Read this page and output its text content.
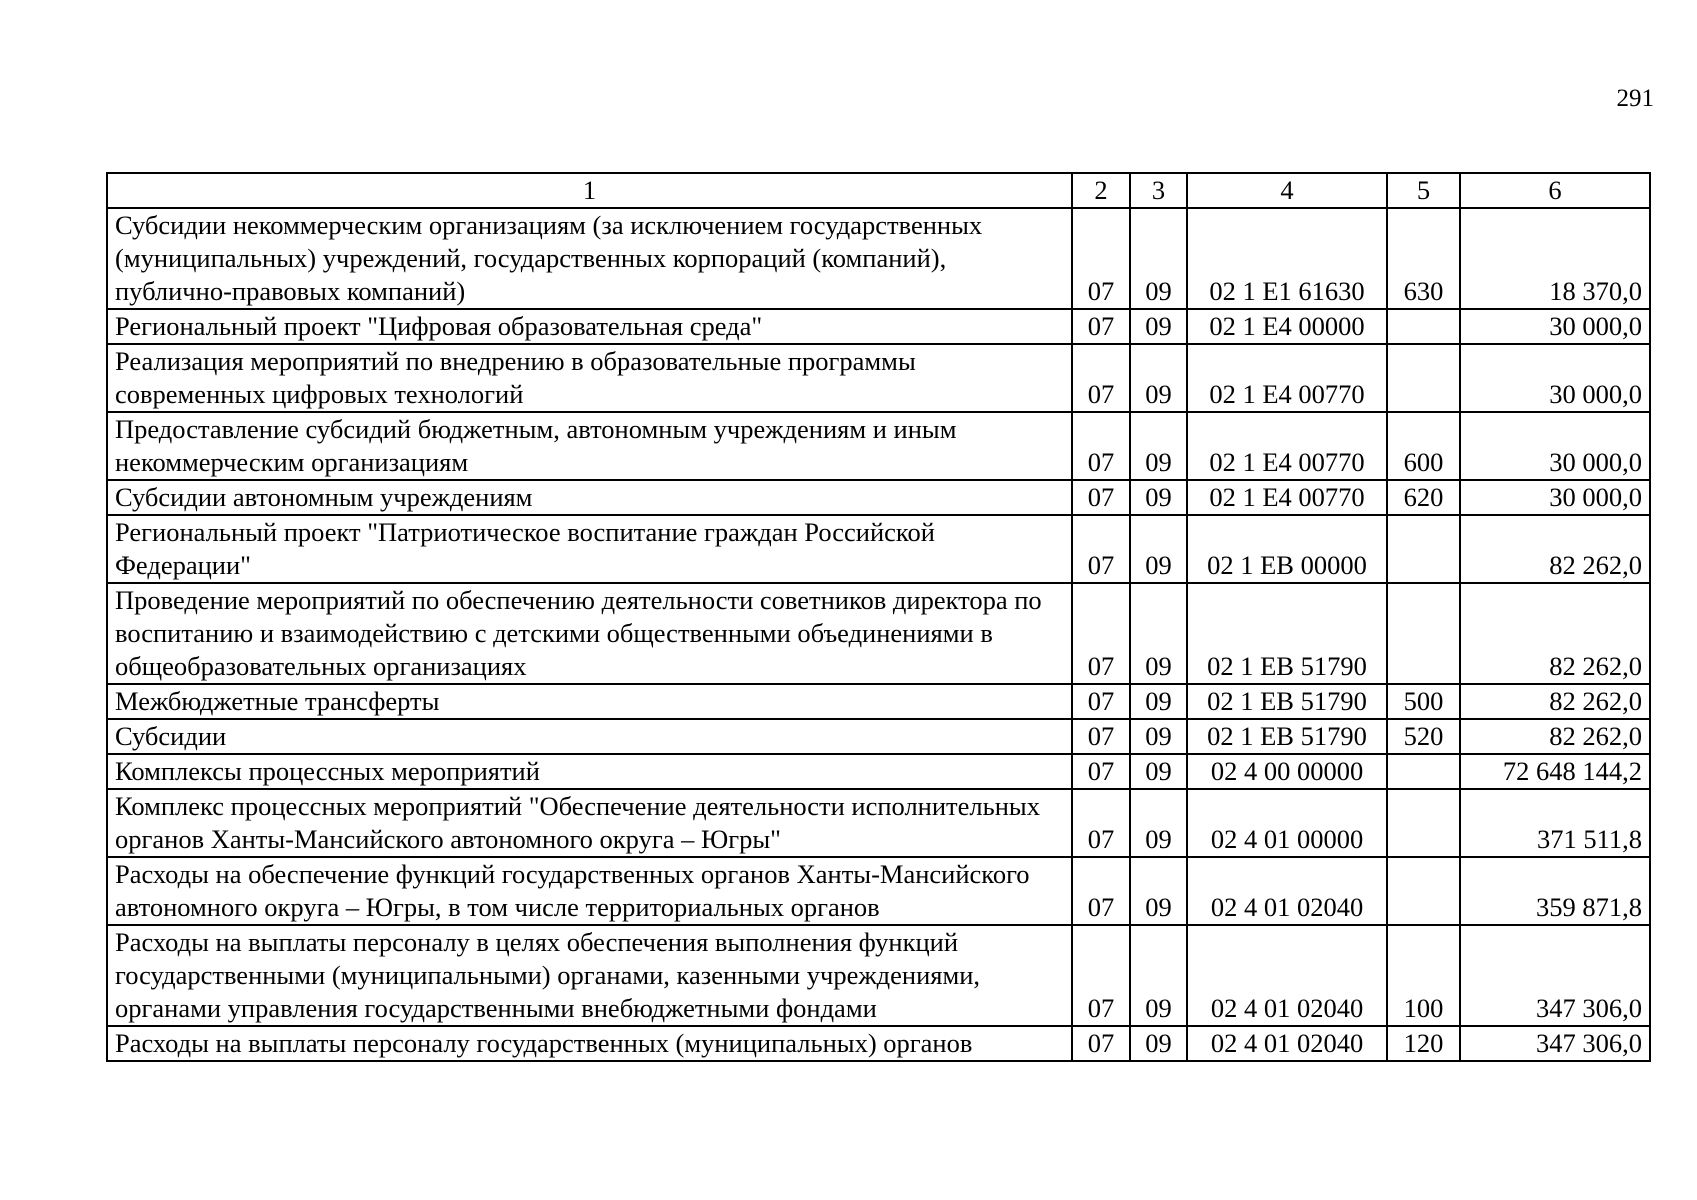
291
1	2	3	4	5	6
Субсидии некоммерческим организациям (за исключением государственных (муниципальных) учреждений, государственных корпораций (компаний), публично-правовых компаний)	07	09	02 1 E1 61630	630	18 370,0
Региональный проект "Цифровая образовательная среда"	07	09	02 1 E4 00000		30 000,0
Реализация мероприятий по внедрению в образовательные программы современных цифровых технологий	07	09	02 1 E4 00770		30 000,0
Предоставление субсидий бюджетным, автономным учреждениям и иным некоммерческим организациям	07	09	02 1 E4 00770	600	30 000,0
Субсидии автономным учреждениям	07	09	02 1 E4 00770	620	30 000,0
Региональный проект "Патриотическое воспитание граждан Российской Федерации"	07	09	02 1 EB 00000		82 262,0
Проведение мероприятий по обеспечению деятельности советников директора по воспитанию и взаимодействию с детскими общественными объединениями в общеобразовательных организациях	07	09	02 1 EB 51790		82 262,0
Межбюджетные трансферты	07	09	02 1 EB 51790	500	82 262,0
Субсидии	07	09	02 1 EB 51790	520	82 262,0
Комплексы процессных мероприятий	07	09	02 4 00 00000		72 648 144,2
Комплекс процессных мероприятий "Обеспечение деятельности исполнительных органов Ханты-Мансийского автономного округа – Югры"	07	09	02 4 01 00000		371 511,8
Расходы на обеспечение функций государственных органов Ханты-Мансийского автономного округа – Югры, в том числе территориальных органов	07	09	02 4 01 02040		359 871,8
Расходы на выплаты персоналу в целях обеспечения выполнения функций государственными (муниципальными) органами, казенными учреждениями, органами управления государственными внебюджетными фондами	07	09	02 4 01 02040	100	347 306,0
Расходы на выплаты персоналу государственных (муниципальных) органов	07	09	02 4 01 02040	120	347 306,0
